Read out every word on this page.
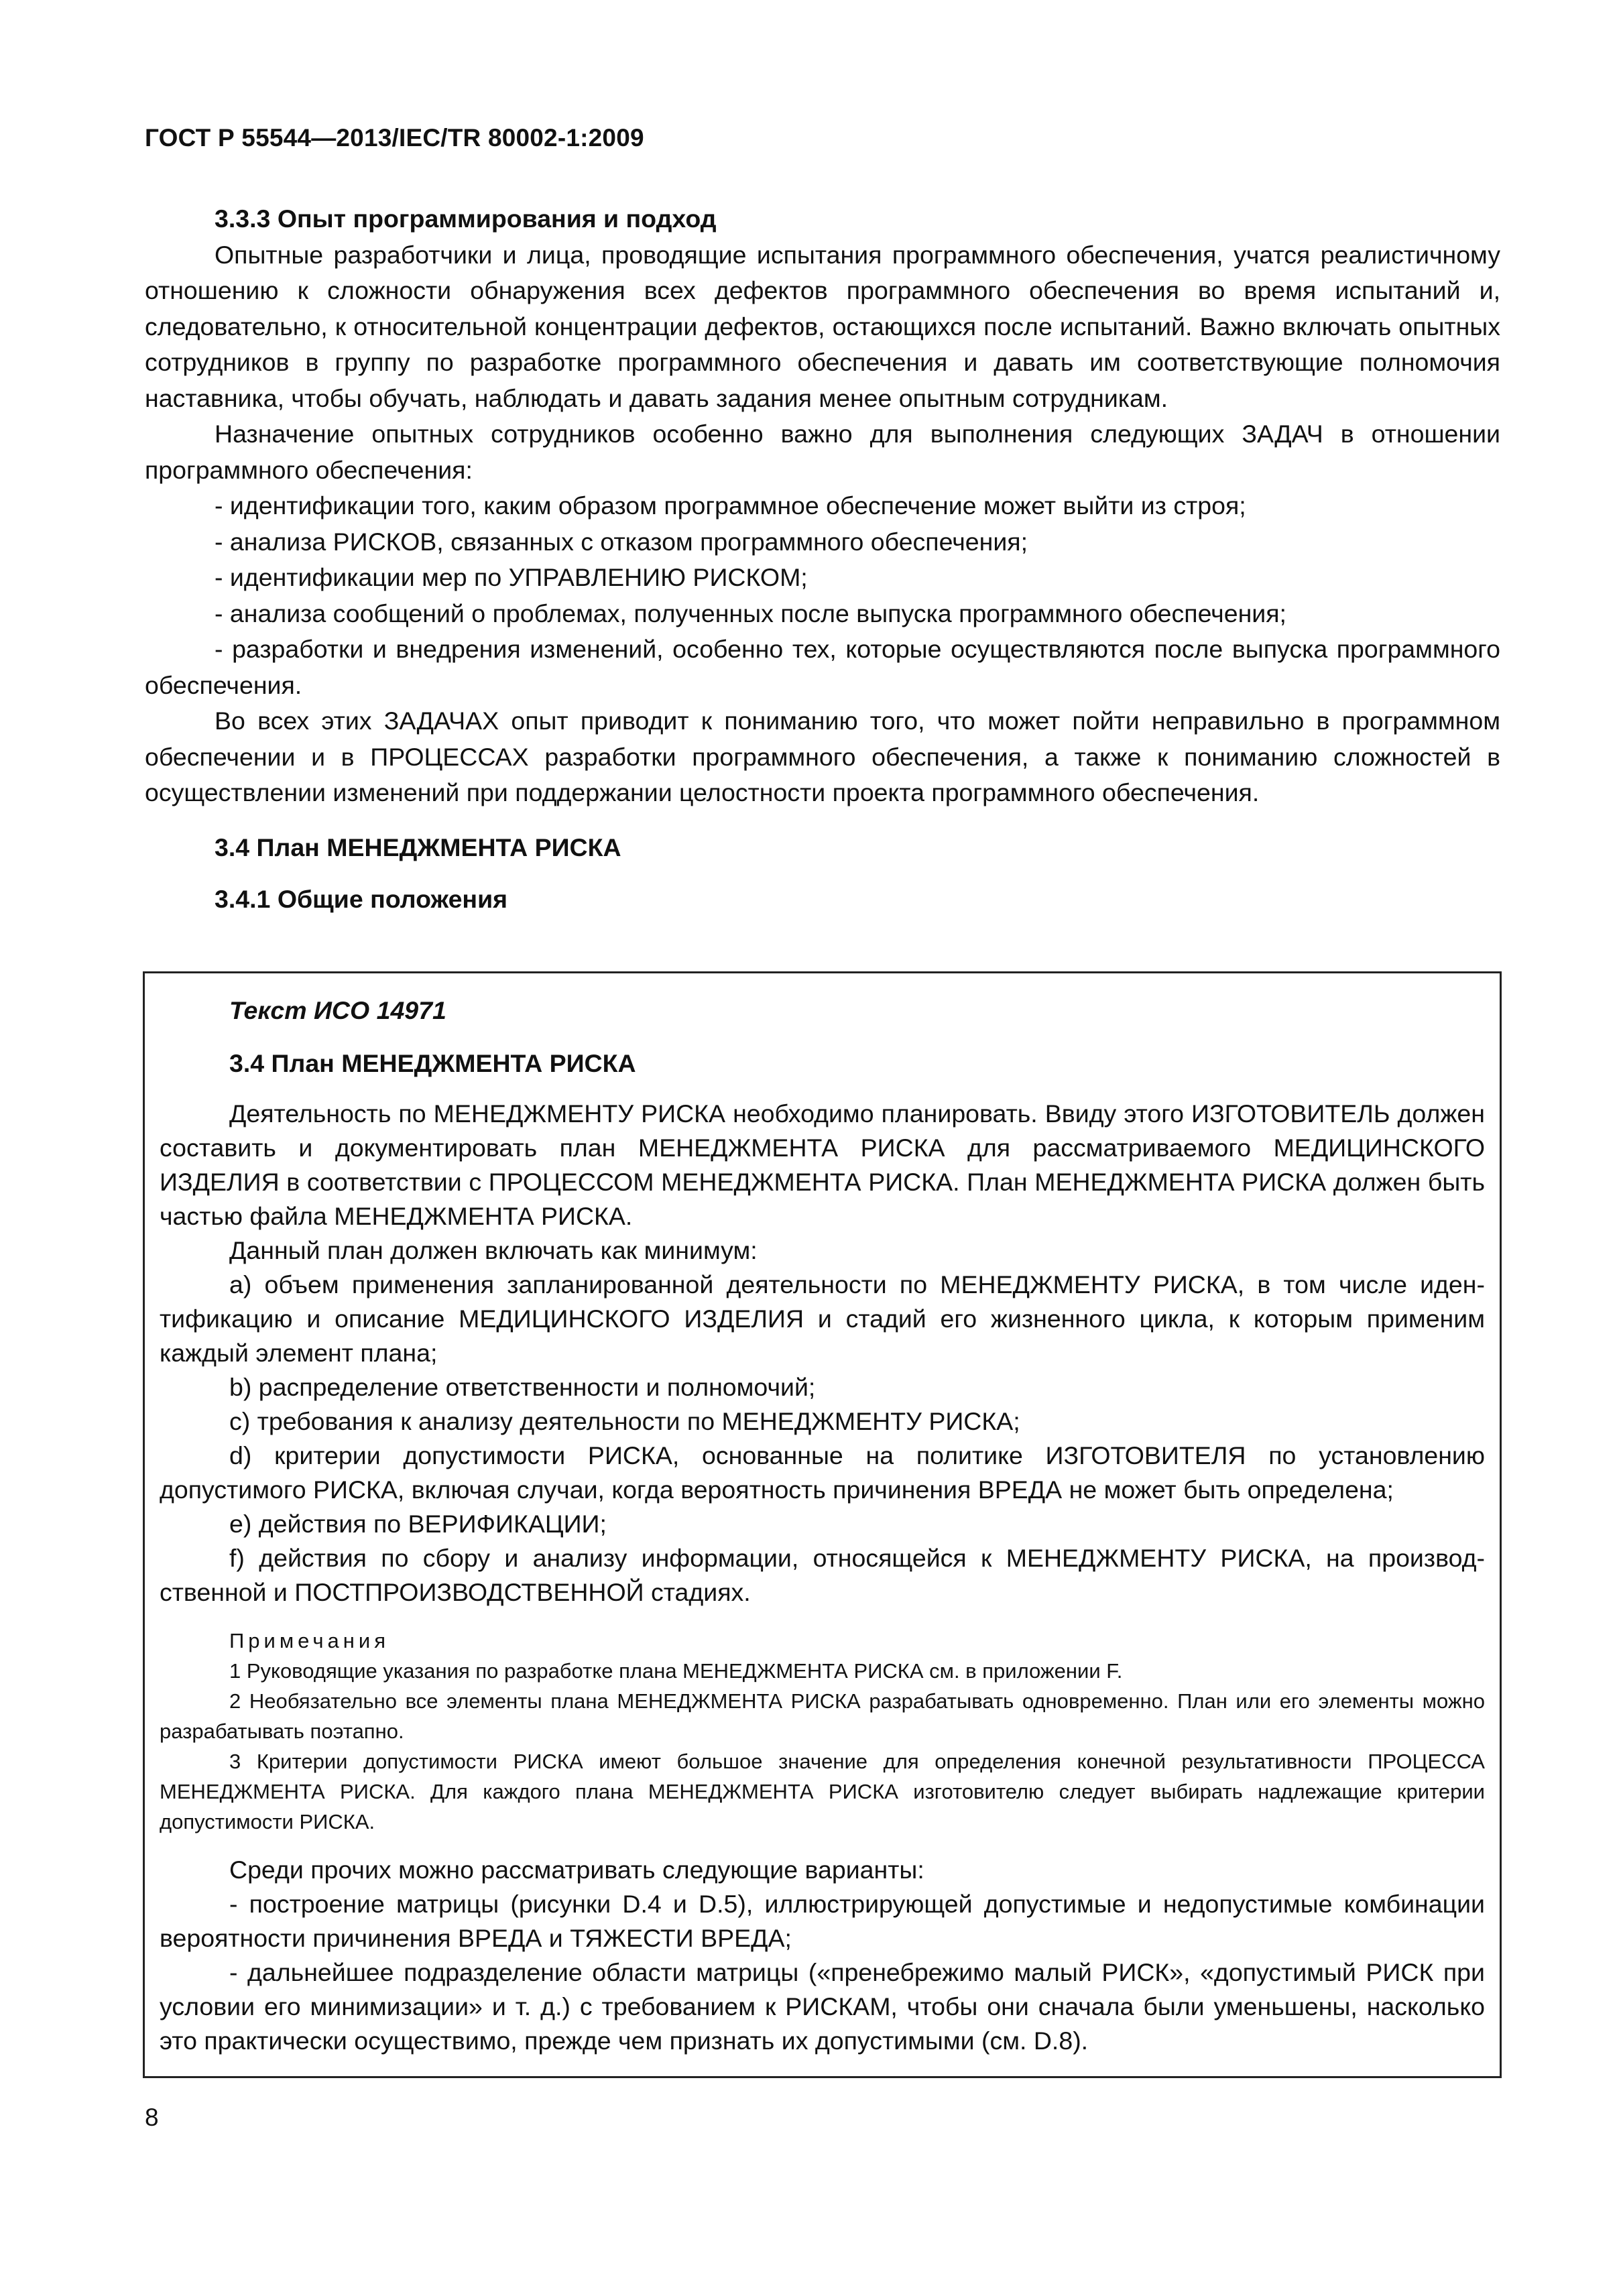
ГОСТ Р 55544—2013/IEC/TR 80002-1:2009

3.3.3 Опыт программирования и подход

Опытные разработчики и лица, проводящие испытания программного обеспечения, учатся реалистичному отношению к сложности обнаружения всех дефектов программного обеспечения во время испытаний и, следовательно, к относительной концентрации дефектов, остающихся после испытаний. Важно включать опытных сотрудников в группу по разработке программного обеспечения и давать им соответствующие полномочия наставника, чтобы обучать, наблюдать и давать задания менее опытным сотрудникам.

Назначение опытных сотрудников особенно важно для выполнения следующих ЗАДАЧ в отношении программного обеспечения:

- идентификации того, каким образом программное обеспечение может выйти из строя;

- анализа РИСКОВ, связанных с отказом программного обеспечения;

- идентификации мер по УПРАВЛЕНИЮ РИСКОМ;

- анализа сообщений о проблемах, полученных после выпуска программного обеспечения;

- разработки и внедрения изменений, особенно тех, которые осуществляются после выпуска программного обеспечения.

Во всех этих ЗАДАЧАХ опыт приводит к пониманию того, что может пойти неправильно в программном обеспечении и в ПРОЦЕССАХ разработки программного обеспечения, а также к пониманию сложностей в осуществлении изменений при поддержании целостности проекта программного обеспечения.

3.4 План МЕНЕДЖМЕНТА РИСКА

3.4.1 Общие положения

Текст ИСО 14971

3.4 План МЕНЕДЖМЕНТА РИСКА

Деятельность по МЕНЕДЖМЕНТУ РИСКА необходимо планировать. Ввиду этого ИЗГОТОВИТЕЛЬ должен составить и документировать план МЕНЕДЖМЕНТА РИСКА для рассматриваемого МЕДИЦИНСКОГО ИЗДЕЛИЯ в соответствии с ПРОЦЕССОМ МЕНЕДЖМЕНТА РИСКА. План МЕНЕДЖМЕНТА РИСКА должен быть частью файла МЕНЕДЖМЕНТА РИСКА.

Данный план должен включать как минимум:

a) объем применения запланированной деятельности по МЕНЕДЖМЕНТУ РИСКА, в том числе идентификацию и описание МЕДИЦИНСКОГО ИЗДЕЛИЯ и стадий его жизненного цикла, к которым применим каждый элемент плана;

b) распределение ответственности и полномочий;

c) требования к анализу деятельности по МЕНЕДЖМЕНТУ РИСКА;

d) критерии допустимости РИСКА, основанные на политике ИЗГОТОВИТЕЛЯ по установлению допустимого РИСКА, включая случаи, когда вероятность причинения ВРЕДА не может быть определена;

e) действия по ВЕРИФИКАЦИИ;

f) действия по сбору и анализу информации, относящейся к МЕНЕДЖМЕНТУ РИСКА, на производственной и ПОСТПРОИЗВОДСТВЕННОЙ стадиях.

Примечания

1 Руководящие указания по разработке плана МЕНЕДЖМЕНТА РИСКА см. в приложении F.

2 Необязательно все элементы плана МЕНЕДЖМЕНТА РИСКА разрабатывать одновременно. План или его элементы можно разрабатывать поэтапно.

3 Критерии допустимости РИСКА имеют большое значение для определения конечной результативности ПРОЦЕССА МЕНЕДЖМЕНТА РИСКА. Для каждого плана МЕНЕДЖМЕНТА РИСКА изготовителю следует выбирать надлежащие критерии допустимости РИСКА.

Среди прочих можно рассматривать следующие варианты:

- построение матрицы (рисунки D.4 и D.5), иллюстрирующей допустимые и недопустимые комбинации вероятности причинения ВРЕДА и ТЯЖЕСТИ ВРЕДА;

- дальнейшее подразделение области матрицы («пренебрежимо малый РИСК», «допустимый РИСК при условии его минимизации» и т. д.) с требованием к РИСКАМ, чтобы они сначала были уменьшены, насколько это практически осуществимо, прежде чем признать их допустимыми (см. D.8).

8
